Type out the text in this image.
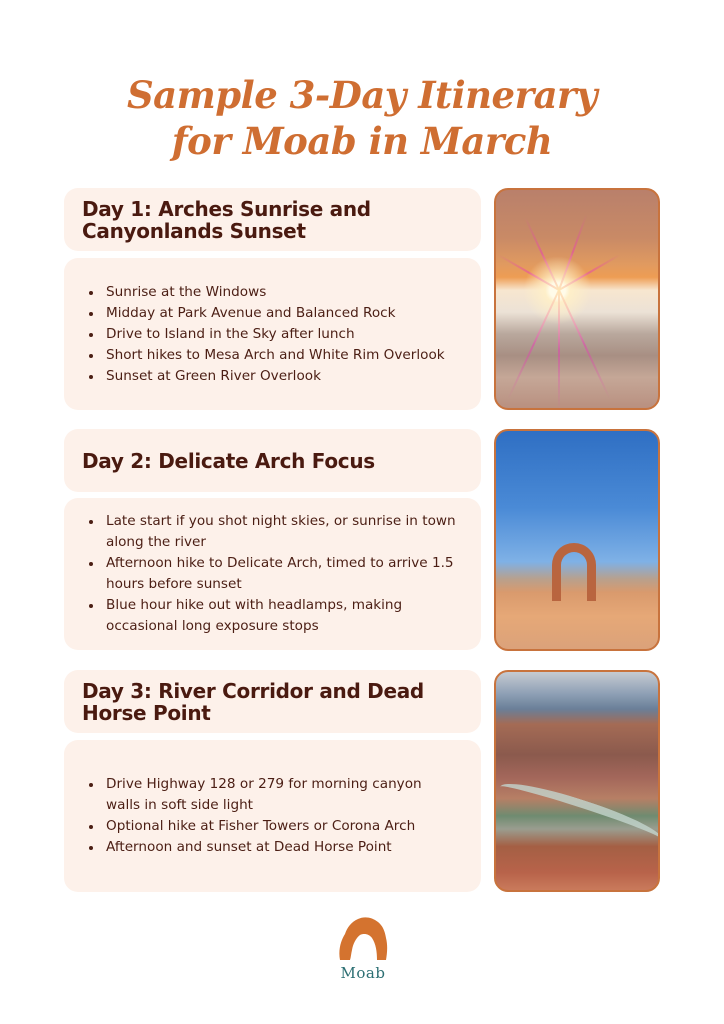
Sample 3-Day Itinerary
for Moab in March
Day 1: Arches Sunrise and Canyonlands Sunset
Sunrise at the Windows
Midday at Park Avenue and Balanced Rock
Drive to Island in the Sky after lunch
Short hikes to Mesa Arch and White Rim Overlook
Sunset at Green River Overlook
Day 2: Delicate Arch Focus
Late start if you shot night skies, or sunrise in town along the river
Afternoon hike to Delicate Arch, timed to arrive 1.5 hours before sunset
Blue hour hike out with headlamps, making occasional long exposure stops
Day 3: River Corridor and Dead Horse Point
Drive Highway 128 or 279 for morning canyon walls in soft side light
Optional hike at Fisher Towers or Corona Arch
Afternoon and sunset at Dead Horse Point
Moab
